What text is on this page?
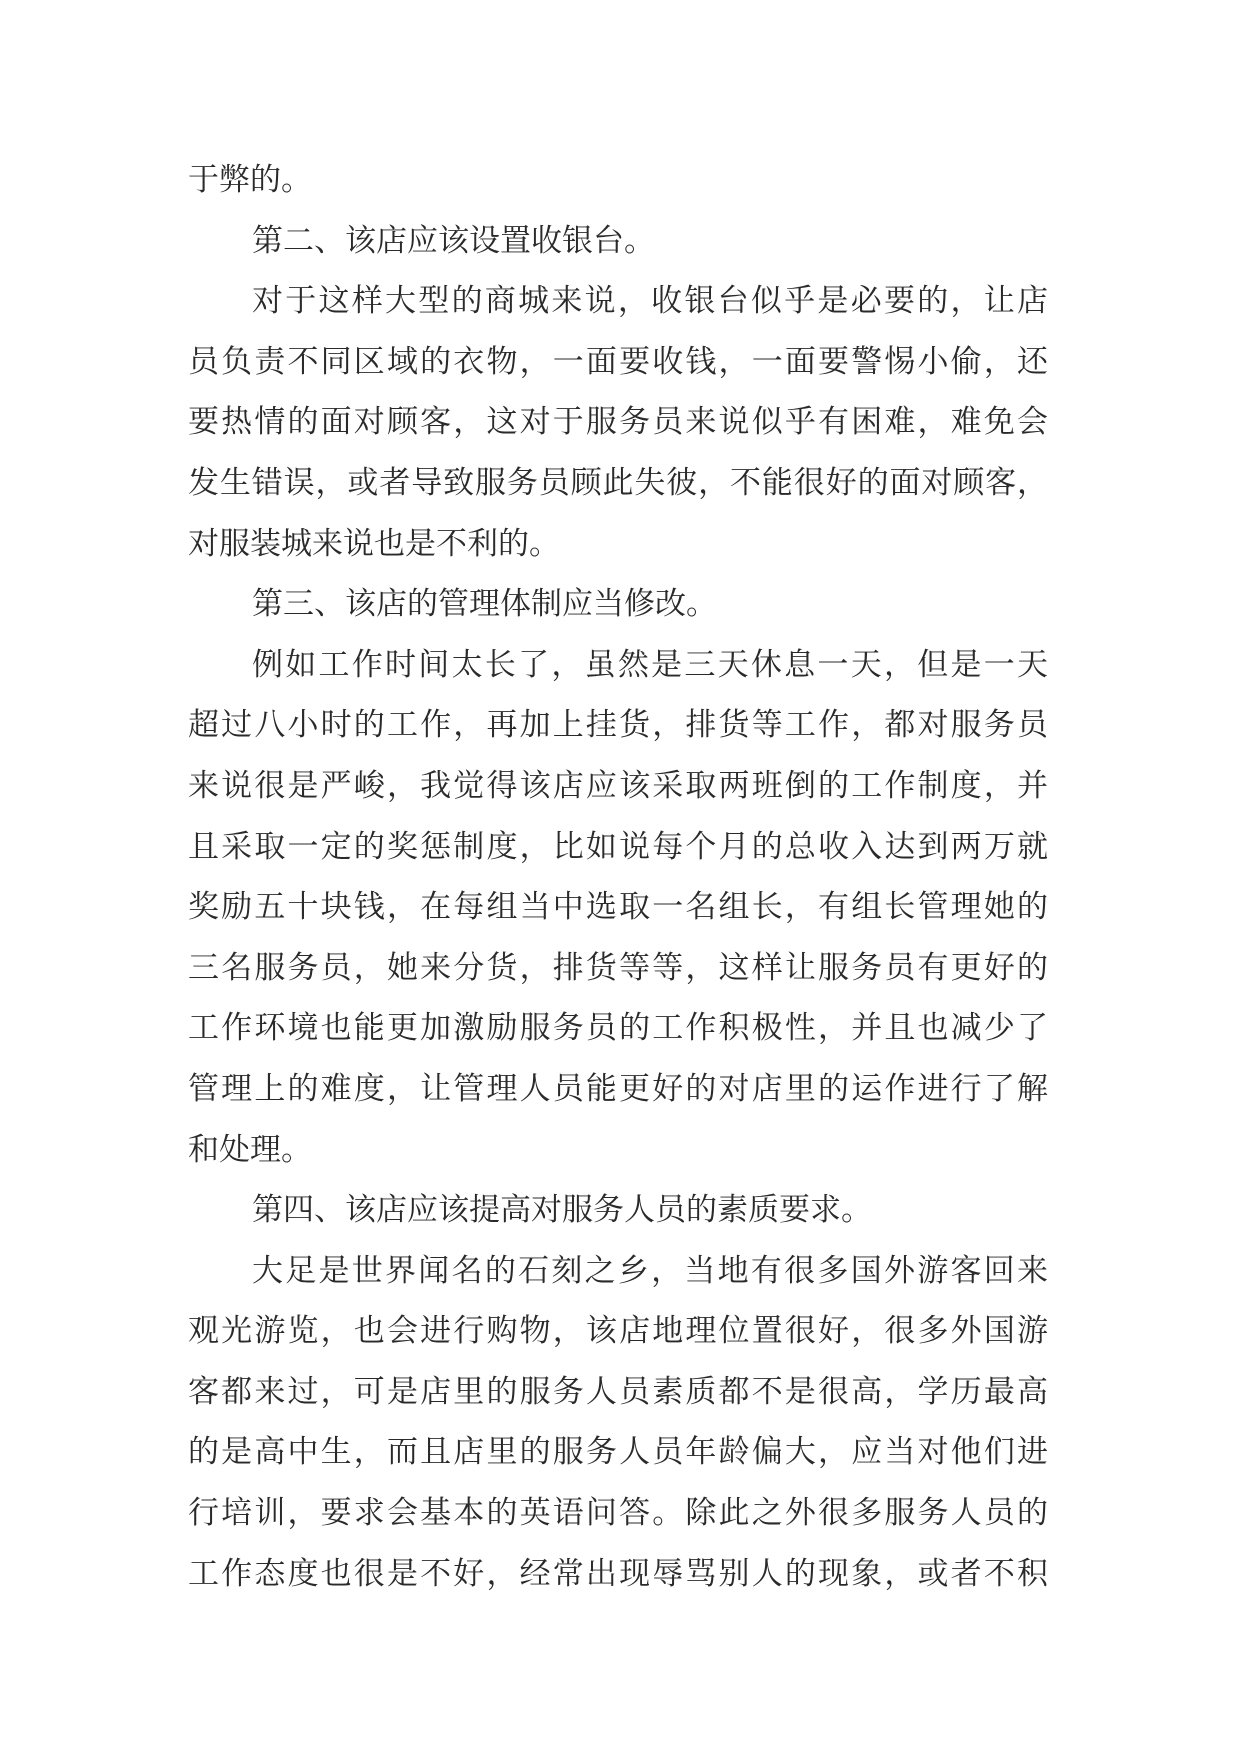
于弊的。

第二、该店应该设置收银台。

对于这样大型的商城来说，收银台似乎是必要的，让店

员负责不同区域的衣物，一面要收钱，一面要警惕小偷，还

要热情的面对顾客，这对于服务员来说似乎有困难，难免会

发生错误，或者导致服务员顾此失彼，不能很好的面对顾客，

对服装城来说也是不利的。

第三、该店的管理体制应当修改。

例如工作时间太长了，虽然是三天休息一天，但是一天

超过八小时的工作，再加上挂货，排货等工作，都对服务员

来说很是严峻，我觉得该店应该采取两班倒的工作制度，并

且采取一定的奖惩制度，比如说每个月的总收入达到两万就

奖励五十块钱，在每组当中选取一名组长，有组长管理她的

三名服务员，她来分货，排货等等，这样让服务员有更好的

工作环境也能更加激励服务员的工作积极性，并且也减少了

管理上的难度，让管理人员能更好的对店里的运作进行了解

和处理。

第四、该店应该提高对服务人员的素质要求。

大足是世界闻名的石刻之乡，当地有很多国外游客回来

观光游览，也会进行购物，该店地理位置很好，很多外国游

客都来过，可是店里的服务人员素质都不是很高，学历最高

的是高中生，而且店里的服务人员年龄偏大，应当对他们进

行培训，要求会基本的英语问答。除此之外很多服务人员的

工作态度也很是不好，经常出现辱骂别人的现象，或者不积
